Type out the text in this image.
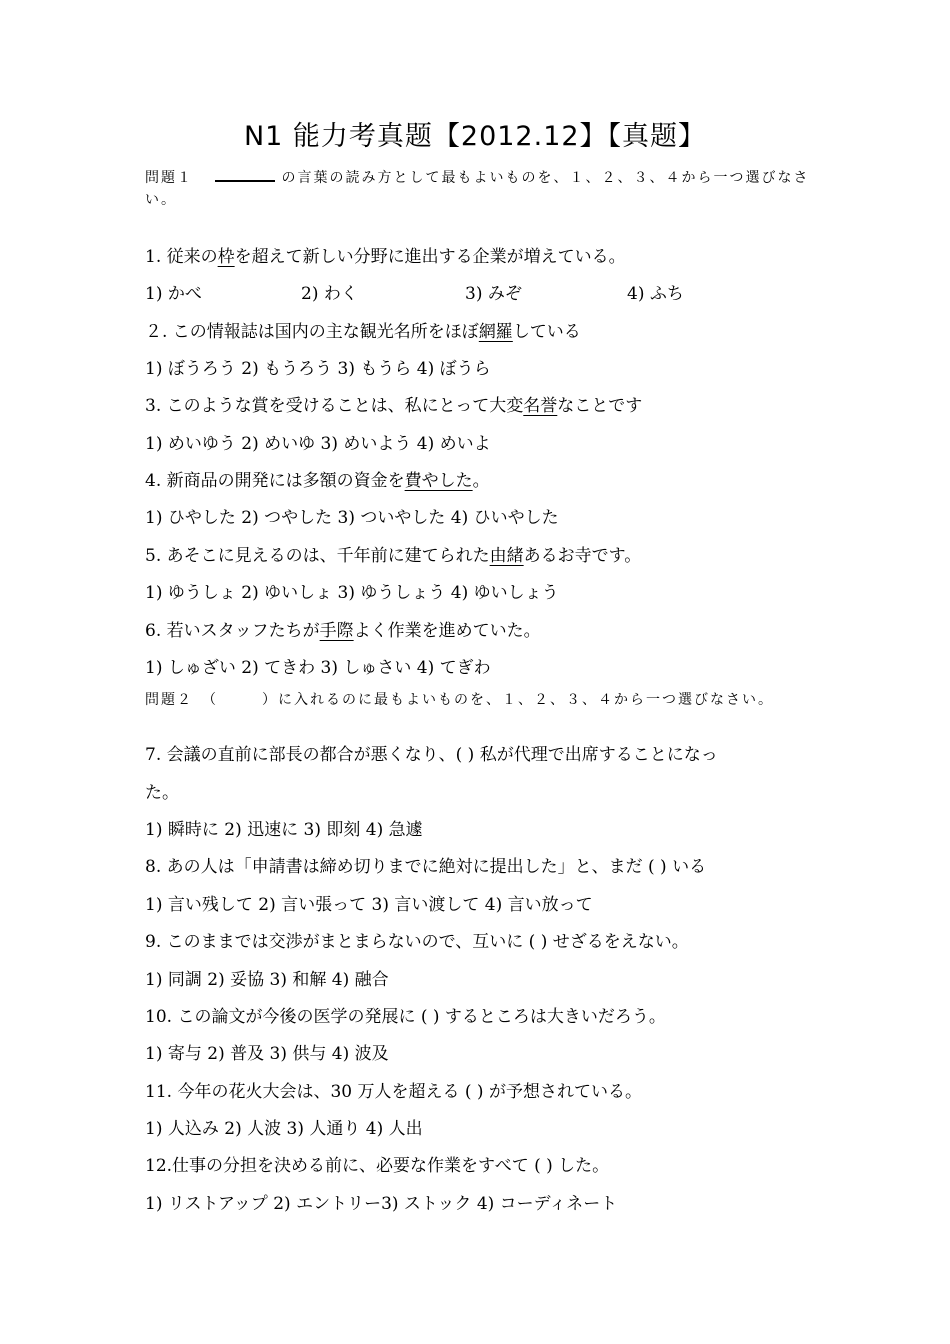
N1 能力考真题【2012.12】【真题】
問題１	の言葉の読み方として最もよいものを、１、２、３、４から一つ選びなさい。
1. 従来の枠を超えて新しい分野に進出する企業が増えている。
1) かべ	2) わく	3) みぞ	4) ふち
２. この情報誌は国内の主な観光名所をほぼ網羅している
1) ぼうろう 2) もうろう 3) もうら 4) ぼうら
3. このような賞を受けることは、私にとって大変名誉なことです
1) めいゆう 2) めいゆ 3) めいよう 4) めいよ
4. 新商品の開発には多額の資金を費やした。
1) ひやした 2) つやした 3) ついやした 4) ひいやした
5. あそこに見えるのは、千年前に建てられた由緒あるお寺です。
1) ゆうしょ 2) ゆいしょ 3) ゆうしょう 4) ゆいしょう
6. 若いスタッフたちが手際よく作業を進めていた。
1) しゅざい 2) てきわ 3) しゅさい 4) てぎわ
問題２　（	）に入れるのに最もよいものを、１、２、３、４から一つ選びなさい。
7. 会議の直前に部長の都合が悪くなり、( ) 私が代理で出席することになっ
た。
1) 瞬時に 2) 迅速に 3) 即刻 4) 急遽
8. あの人は「申請書は締め切りまでに絶対に提出した」と、まだ ( ) いる
1) 言い残して 2) 言い張って 3) 言い渡して 4) 言い放って
9. このままでは交渉がまとまらないので、互いに ( ) せざるをえない。
1) 同調 2) 妥協 3) 和解 4) 融合
10. この論文が今後の医学の発展に ( ) するところは大きいだろう。
1) 寄与 2) 普及 3) 供与 4) 波及
11. 今年の花火大会は、30 万人を超える ( ) が予想されている。
1) 人込み 2) 人波 3) 人通り 4) 人出
12.仕事の分担を決める前に、必要な作業をすべて ( ) した。
1) リストアップ 2) エントリー3) ストック 4) コーディネート
